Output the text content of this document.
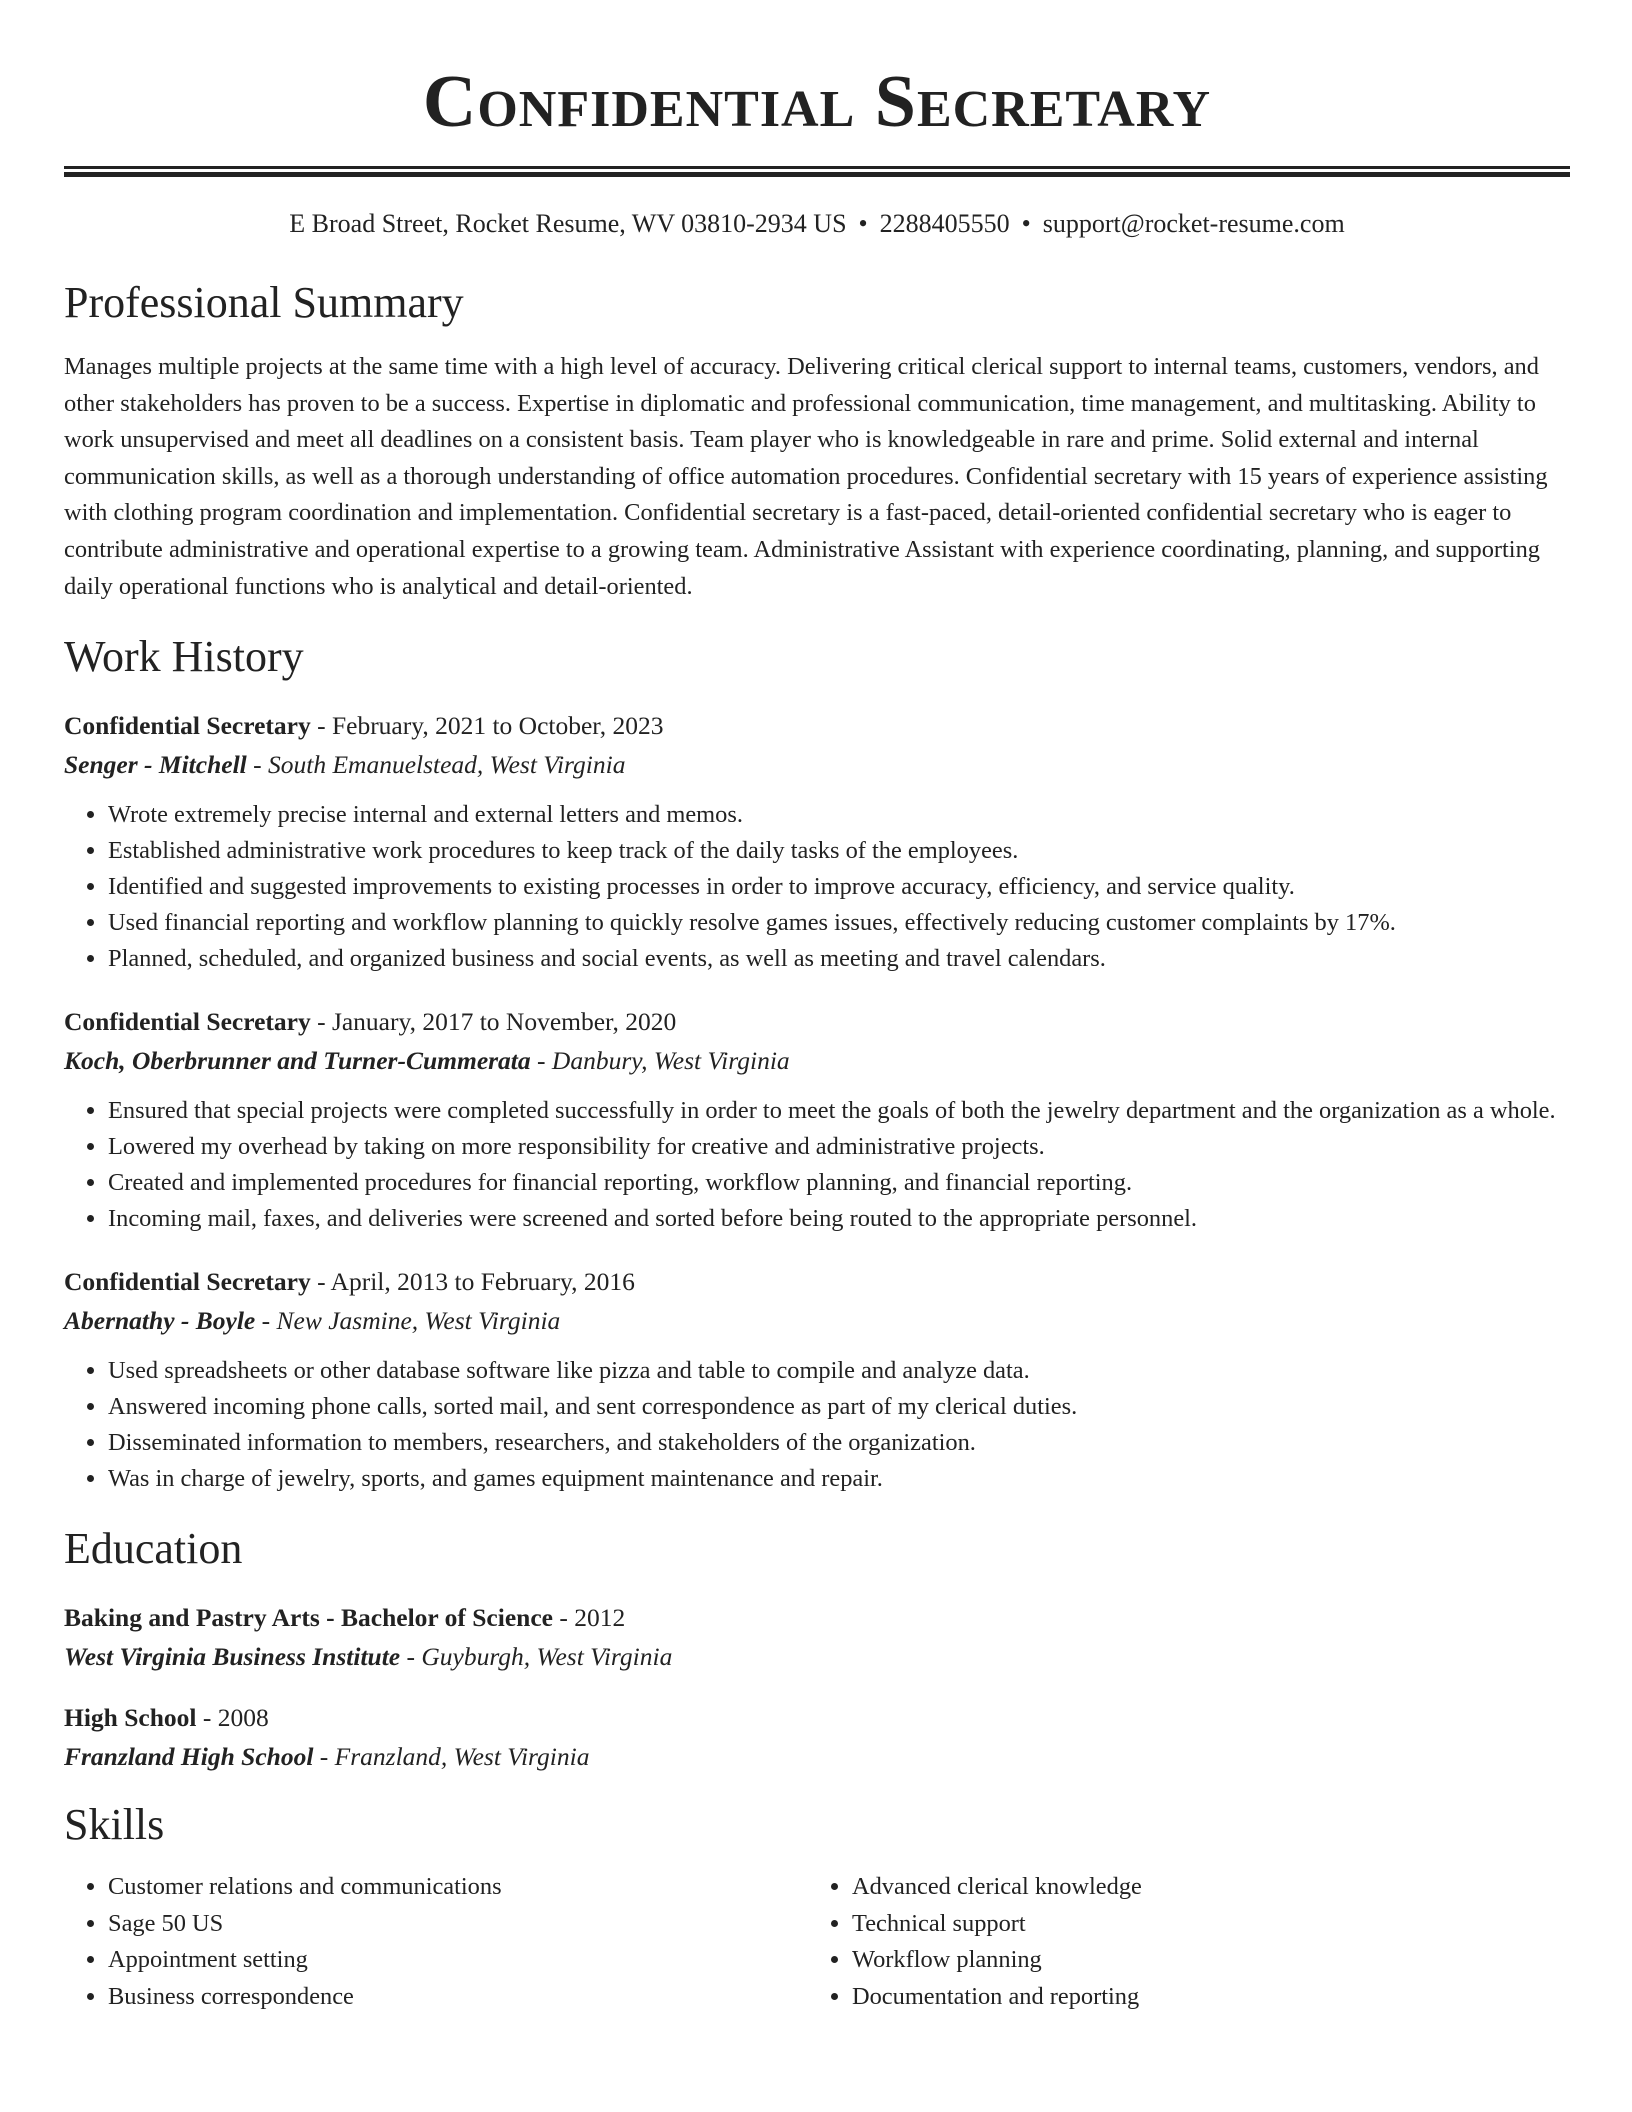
Confidential Secretary
E Broad Street, Rocket Resume, WV 03810-2934 US • 2288405550 • support@rocket-resume.com
Professional Summary
Manages multiple projects at the same time with a high level of accuracy. Delivering critical clerical support to internal teams, customers, vendors, and other stakeholders has proven to be a success. Expertise in diplomatic and professional communication, time management, and multitasking. Ability to work unsupervised and meet all deadlines on a consistent basis. Team player who is knowledgeable in rare and prime. Solid external and internal communication skills, as well as a thorough understanding of office automation procedures. Confidential secretary with 15 years of experience assisting with clothing program coordination and implementation. Confidential secretary is a fast-paced, detail-oriented confidential secretary who is eager to contribute administrative and operational expertise to a growing team. Administrative Assistant with experience coordinating, planning, and supporting daily operational functions who is analytical and detail-oriented.
Work History
Confidential Secretary - February, 2021 to October, 2023
Senger - Mitchell - South Emanuelstead, West Virginia
• Wrote extremely precise internal and external letters and memos.
• Established administrative work procedures to keep track of the daily tasks of the employees.
• Identified and suggested improvements to existing processes in order to improve accuracy, efficiency, and service quality.
• Used financial reporting and workflow planning to quickly resolve games issues, effectively reducing customer complaints by 17%.
• Planned, scheduled, and organized business and social events, as well as meeting and travel calendars.
Confidential Secretary - January, 2017 to November, 2020
Koch, Oberbrunner and Turner-Cummerata - Danbury, West Virginia
• Ensured that special projects were completed successfully in order to meet the goals of both the jewelry department and the organization as a whole.
• Lowered my overhead by taking on more responsibility for creative and administrative projects.
• Created and implemented procedures for financial reporting, workflow planning, and financial reporting.
• Incoming mail, faxes, and deliveries were screened and sorted before being routed to the appropriate personnel.
Confidential Secretary - April, 2013 to February, 2016
Abernathy - Boyle - New Jasmine, West Virginia
• Used spreadsheets or other database software like pizza and table to compile and analyze data.
• Answered incoming phone calls, sorted mail, and sent correspondence as part of my clerical duties.
• Disseminated information to members, researchers, and stakeholders of the organization.
• Was in charge of jewelry, sports, and games equipment maintenance and repair.
Education
Baking and Pastry Arts - Bachelor of Science - 2012
West Virginia Business Institute - Guyburgh, West Virginia
High School - 2008
Franzland High School - Franzland, West Virginia
Skills
• Customer relations and communications
• Sage 50 US
• Appointment setting
• Business correspondence
• Advanced clerical knowledge
• Technical support
• Workflow planning
• Documentation and reporting
